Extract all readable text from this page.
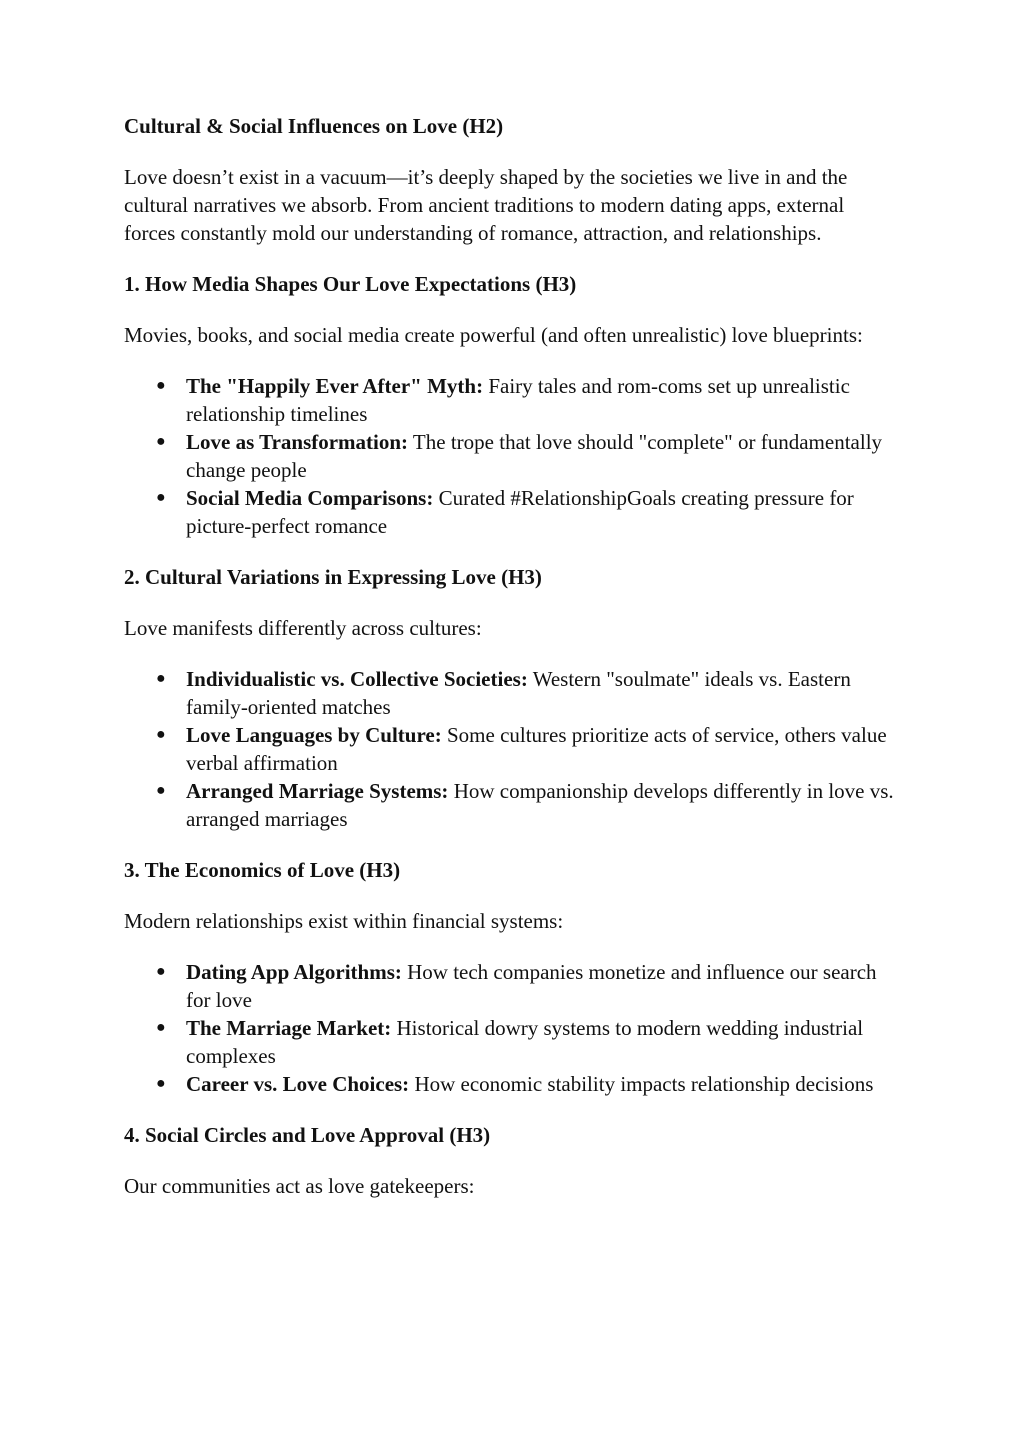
Cultural & Social Influences on Love (H2)

Love doesn’t exist in a vacuum—it’s deeply shaped by the societies we live in and the cultural narratives we absorb. From ancient traditions to modern dating apps, external forces constantly mold our understanding of romance, attraction, and relationships.

1. How Media Shapes Our Love Expectations (H3)

Movies, books, and social media create powerful (and often unrealistic) love blueprints:

● The "Happily Ever After" Myth: Fairy tales and rom-coms set up unrealistic relationship timelines
● Love as Transformation: The trope that love should "complete" or fundamentally change people
● Social Media Comparisons: Curated #RelationshipGoals creating pressure for picture-perfect romance
2. Cultural Variations in Expressing Love (H3)

Love manifests differently across cultures:

● Individualistic vs. Collective Societies: Western "soulmate" ideals vs. Eastern family-oriented matches
● Love Languages by Culture: Some cultures prioritize acts of service, others value verbal affirmation
● Arranged Marriage Systems: How companionship develops differently in love vs. arranged marriages
3. The Economics of Love (H3)

Modern relationships exist within financial systems:

● Dating App Algorithms: How tech companies monetize and influence our search for love
● The Marriage Market: Historical dowry systems to modern wedding industrial complexes
● Career vs. Love Choices: How economic stability impacts relationship decisions
4. Social Circles and Love Approval (H3)

Our communities act as love gatekeepers:
